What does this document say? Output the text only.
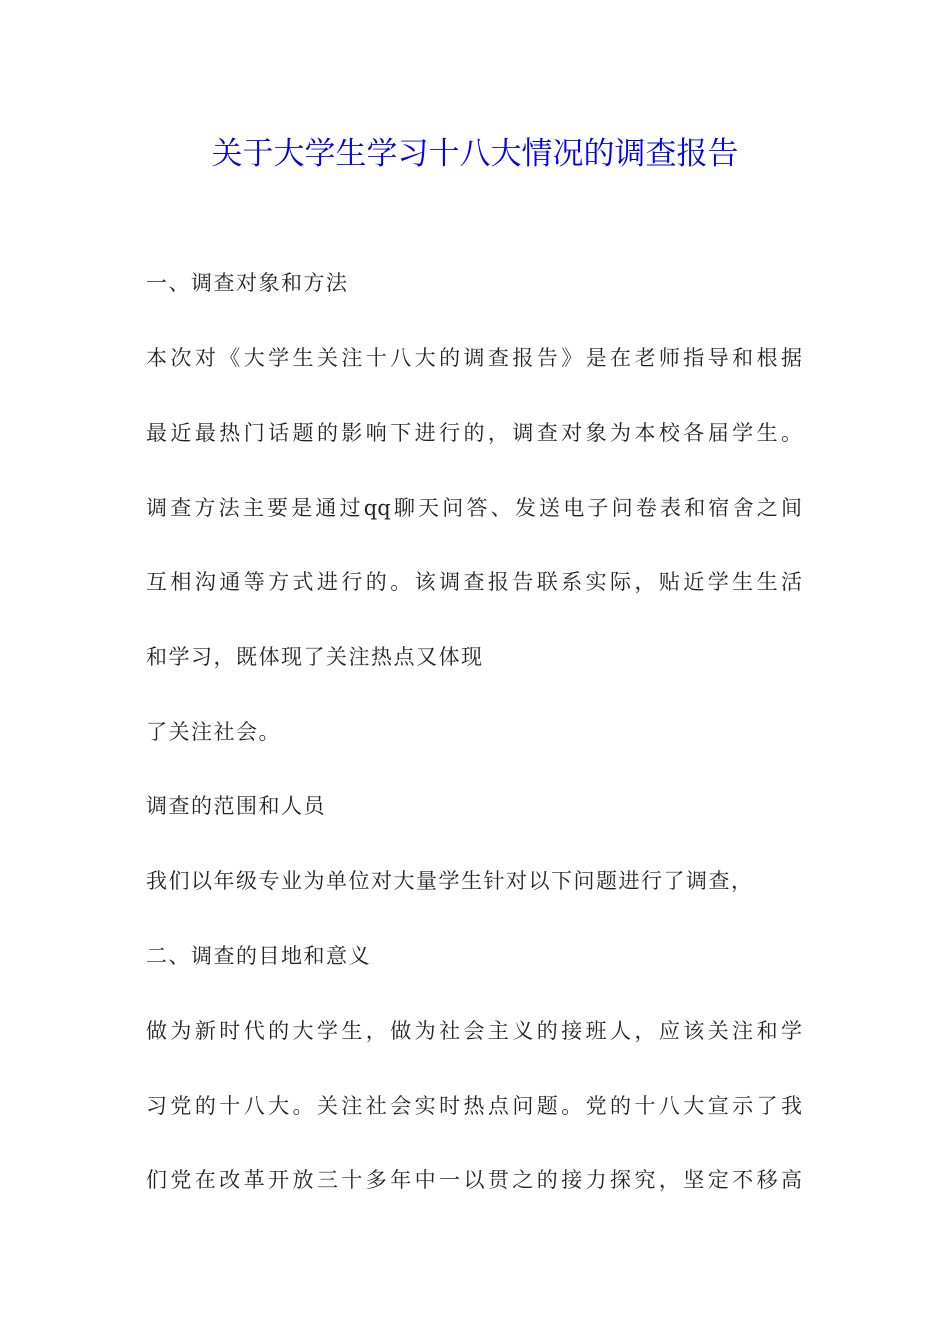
关于大学生学习十八大情况的调查报告
一、调查对象和方法
本次对《大学生关注十八大的调查报告》是在老师指导和根据
最近最热门话题的影响下进行的，调查对象为本校各届学生。
调查方法主要是通过qq聊天问答、发送电子问卷表和宿舍之间
互相沟通等方式进行的。该调查报告联系实际，贴近学生生活
和学习，既体现了关注热点又体现
了关注社会。
调查的范围和人员
我们以年级专业为单位对大量学生针对以下问题进行了调查，
二、调查的目地和意义
做为新时代的大学生，做为社会主义的接班人，应该关注和学
习党的十八大。关注社会实时热点问题。党的十八大宣示了我
们党在改革开放三十多年中一以贯之的接力探究，坚定不移高
